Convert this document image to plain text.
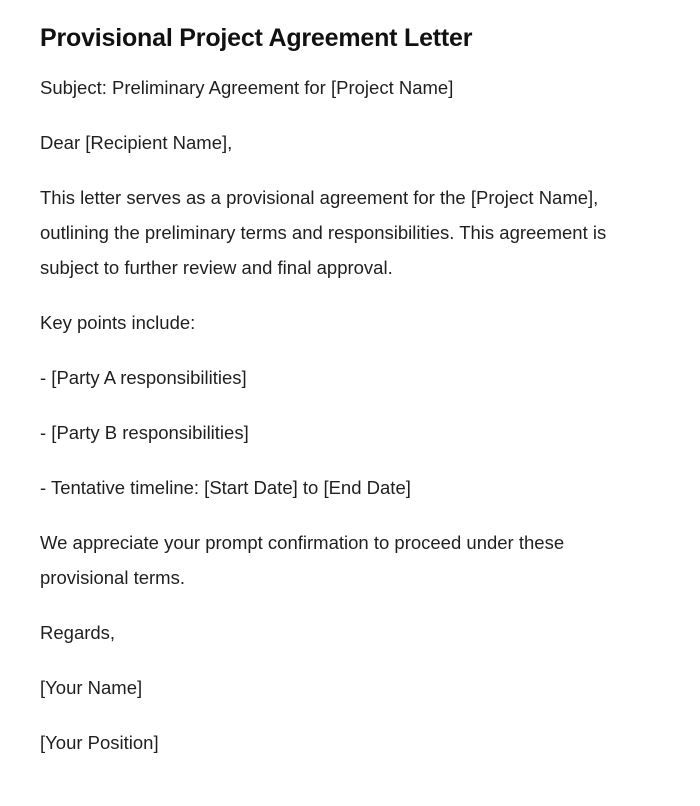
Provisional Project Agreement Letter

Subject: Preliminary Agreement for [Project Name]

Dear [Recipient Name],

This letter serves as a provisional agreement for the [Project Name], outlining the preliminary terms and responsibilities. This agreement is subject to further review and final approval.

Key points include:

- [Party A responsibilities]

- [Party B responsibilities]

- Tentative timeline: [Start Date] to [End Date]

We appreciate your prompt confirmation to proceed under these provisional terms.

Regards,

[Your Name]

[Your Position]
